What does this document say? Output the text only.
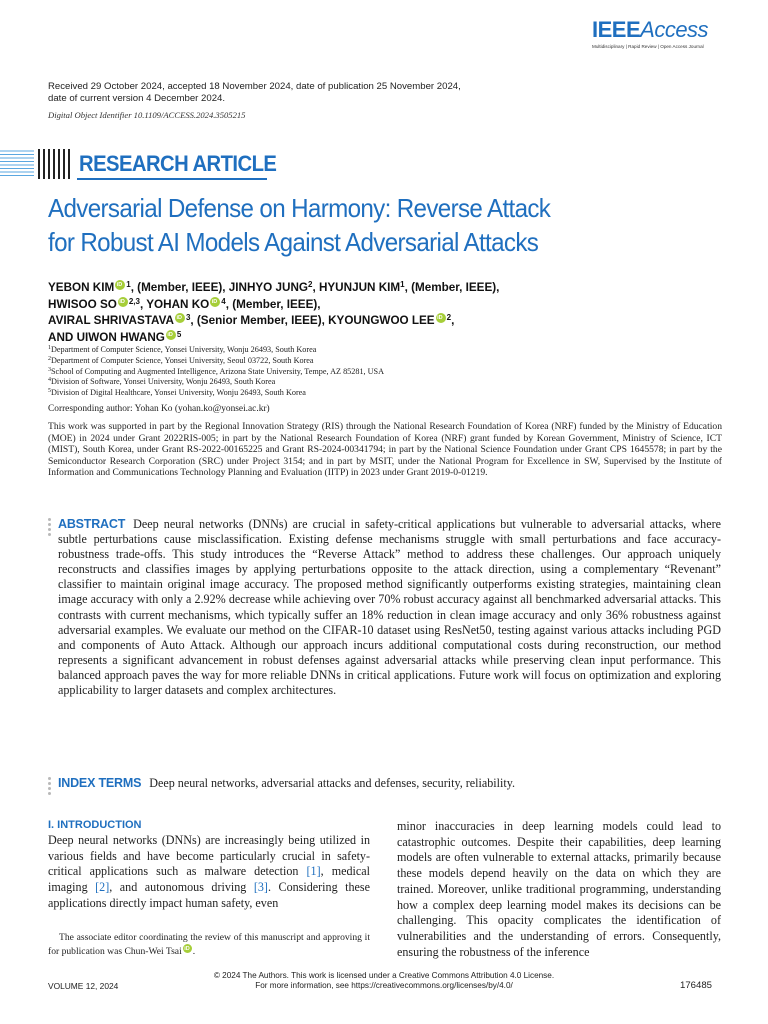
IEEEAccess
Multidisciplinary | Rapid Review | Open Access Journal
Received 29 October 2024, accepted 18 November 2024, date of publication 25 November 2024, date of current version 4 December 2024.
Digital Object Identifier 10.1109/ACCESS.2024.3505215
RESEARCH ARTICLE
Adversarial Defense on Harmony: Reverse Attack
for Robust AI Models Against Adversarial Attacks
YEBON KIM iD $^1$, (Member, IEEE), JINHYO JUNG$^2$, HYUNJUN KIM$^1$, (Member, IEEE),
HWISOO SO iD $^{2,3}$, YOHAN KO iD $^4$, (Member, IEEE),
AVIRAL SHRIVASTAVA iD $^3$, (Senior Member, IEEE), KYOUNGWOO LEE iD $^2$,
AND UIWON HWANG iD $^5$
$^1$Department of Computer Science, Yonsei University, Wonju 26493, South Korea
$^2$Department of Computer Science, Yonsei University, Seoul 03722, South Korea
$^3$School of Computing and Augmented Intelligence, Arizona State University, Tempe, AZ 85281, USA
$^4$Division of Software, Yonsei University, Wonju 26493, South Korea
$^5$Division of Digital Healthcare, Yonsei University, Wonju 26493, South Korea
Corresponding author: Yohan Ko (yohan.ko@yonsei.ac.kr)
This work was supported in part by the Regional Innovation Strategy (RIS) through the National Research Foundation of Korea (NRF) funded by the Ministry of Education (MOE) in 2024 under Grant 2022RIS-005; in part by the National Research Foundation of Korea (NRF) grant funded by Korean Government, Ministry of Science, ICT (MIST), South Korea, under Grant RS-2022-00165225 and Grant RS-2024-00341794; in part by the National Science Foundation under Grant CPS 1645578; in part by the Semiconductor Research Corporation (SRC) under Project 3154; and in part by MSIT, under the National Program for Excellence in SW, Supervised by the Institute of Information and Communications Technology Planning and Evaluation (IITP) in 2023 under Grant 2019-0-01219.
ABSTRACT Deep neural networks (DNNs) are crucial in safety-critical applications but vulnerable to adversarial attacks, where subtle perturbations cause misclassification. Existing defense mechanisms struggle with small perturbations and face accuracy-robustness trade-offs. This study introduces the “Reverse Attack” method to address these challenges. Our approach uniquely reconstructs and classifies images by applying perturbations opposite to the attack direction, using a complementary “Revenant” classifier to maintain original image accuracy. The proposed method significantly outperforms existing strategies, maintaining clean image accuracy with only a 2.92% decrease while achieving over 70% robust accuracy against all benchmarked adversarial attacks. This contrasts with current mechanisms, which typically suffer an 18% reduction in clean image accuracy and only 36% robustness against adversarial examples. We evaluate our method on the CIFAR-10 dataset using ResNet50, testing against various attacks including PGD and components of Auto Attack. Although our approach incurs additional computational costs during reconstruction, our method represents a significant advancement in robust defenses against adversarial attacks while preserving clean input performance. This balanced approach paves the way for more reliable DNNs in critical applications. Future work will focus on optimization and exploring applicability to larger datasets and complex architectures.
INDEX TERMS Deep neural networks, adversarial attacks and defenses, security, reliability.
I. INTRODUCTION
Deep neural networks (DNNs) are increasingly being utilized in various fields and have become particularly crucial in safety-critical applications such as malware detection [1], medical imaging [2], and autonomous driving [3]. Considering these applications directly impact human safety, even
minor inaccuracies in deep learning models could lead to catastrophic outcomes. Despite their capabilities, deep learning models are often vulnerable to external attacks, primarily because these models depend heavily on the data on which they are trained. Moreover, unlike traditional programming, understanding how a complex deep learning model makes its decisions can be challenging. This opacity complicates the identification of vulnerabilities and the understanding of errors. Consequently, ensuring the robustness of the inference
The associate editor coordinating the review of this manuscript and approving it for publication was Chun-Wei Tsai iD .
© 2024 The Authors. This work is licensed under a Creative Commons Attribution 4.0 License.
For more information, see https://creativecommons.org/licenses/by/4.0/
VOLUME 12, 2024	176485
